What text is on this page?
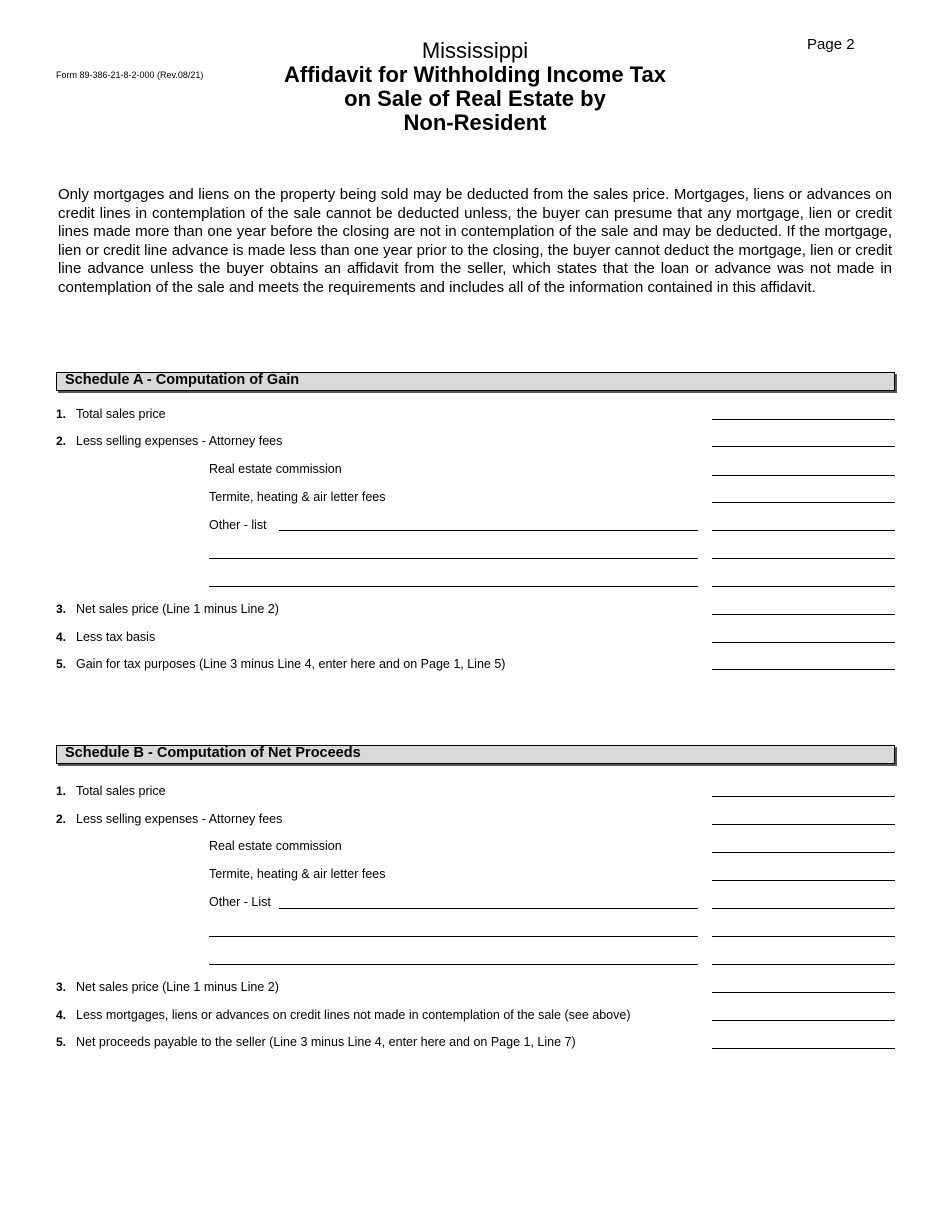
Form 89-386-21-8-2-000 (Rev.08/21)
Page 2
Mississippi
Affidavit for Withholding Income Tax
on Sale of Real Estate by
Non-Resident
Only mortgages and liens on the property being sold may be deducted from the sales price. Mortgages, liens or advances on credit lines in contemplation of the sale cannot be deducted unless, the buyer can presume that any mortgage, lien or credit lines made more than one year before the closing are not in contemplation of the sale and may be deducted. If the mortgage, lien or credit line advance is made less than one year prior to the closing, the buyer cannot deduct the mortgage, lien or credit line advance unless the buyer obtains an affidavit from the seller, which states that the loan or advance was not made in contemplation of the sale and meets the requirements and includes all of the information contained in this affidavit.
Schedule A - Computation of Gain
1. Total sales price
2. Less selling expenses - Attorney fees
Real estate commission
Termite, heating & air letter fees
Other - list
3. Net sales price (Line 1 minus Line 2)
4. Less tax basis
5. Gain for tax purposes (Line 3 minus Line 4, enter here and on Page 1, Line 5)
Schedule B - Computation of Net Proceeds
1. Total sales price
2. Less selling expenses - Attorney fees
Real estate commission
Termite, heating & air letter fees
Other - List
3. Net sales price (Line 1 minus Line 2)
4. Less mortgages, liens or advances on credit lines not made in contemplation of the sale (see above)
5. Net proceeds payable to the seller (Line 3 minus Line 4, enter here and on Page 1, Line 7)
